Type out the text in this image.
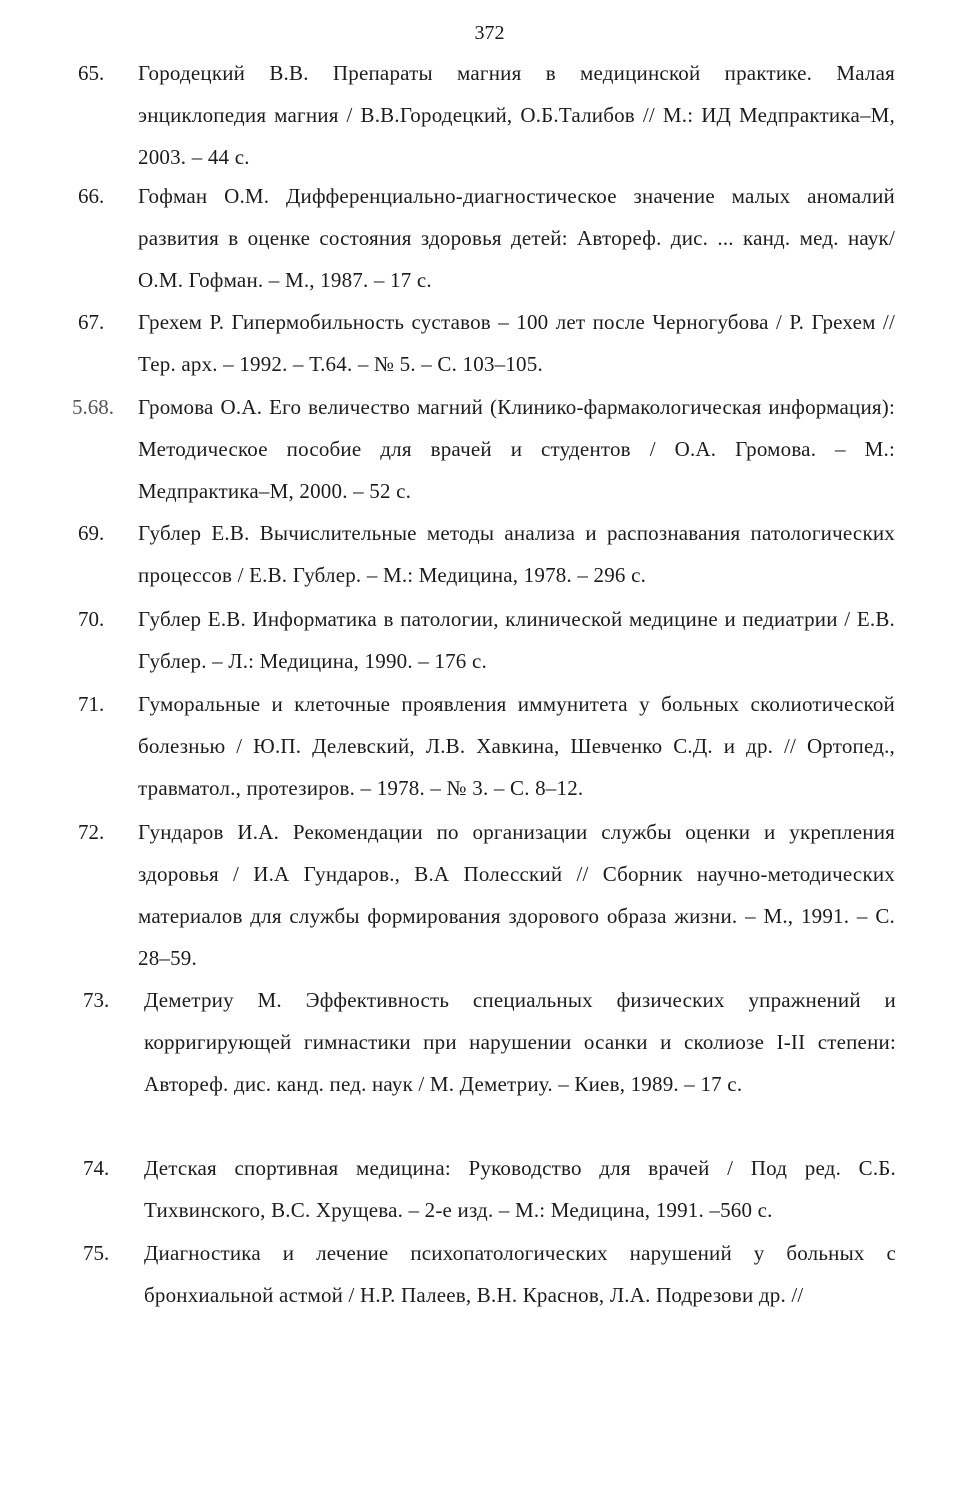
372
65. Городецкий В.В. Препараты магния в медицинской практике. Малая энциклопедия магния / В.В.Городецкий, О.Б.Талибов // М.: ИД Медпрактика–М, 2003. – 44 с.
66. Гофман О.М. Дифференциально-диагностическое значение малых аномалий развития в оценке состояния здоровья детей: Автореф. дис. ... канд. мед. наук/ О.М. Гофман. – М., 1987. – 17 с.
67. Грехем Р. Гипермобильность суставов – 100 лет после Черногубова / Р. Грехем // Тер. арх. – 1992. – Т.64. – № 5. – С. 103–105.
5.68. Громова О.А. Его величество магний (Клинико-фармакологическая информация): Методическое пособие для врачей и студентов / О.А. Громова. – М.: Медпрактика–М, 2000. – 52 с.
69. Гублер Е.В. Вычислительные методы анализа и распознавания патологических процессов / Е.В. Гублер. – М.: Медицина, 1978. – 296 с.
70. Гублер Е.В. Информатика в патологии, клинической медицине и педиатрии / Е.В. Гублер. – Л.: Медицина, 1990. – 176 с.
71. Гуморальные и клеточные проявления иммунитета у больных сколиотической болезнью / Ю.П. Делевский, Л.В. Хавкина, Шевченко С.Д. и др. // Ортопед., травматол., протезиров. – 1978. – № 3. – С. 8–12.
72. Гундаров И.А. Рекомендации по организации службы оценки и укрепления здоровья / И.А Гундаров., В.А Полесский // Сборник научно-методических материалов для службы формирования здорового образа жизни. – М., 1991. – С. 28–59.
73. Деметриу М. Эффективность специальных физических упражнений и корригирующей гимнастики при нарушении осанки и сколиозе I-II степени: Автореф. дис. канд. пед. наук / М. Деметриу. – Киев, 1989. – 17 с.
74. Детская спортивная медицина: Руководство для врачей / Под ред. С.Б. Тихвинского, В.С. Хрущева. – 2-е изд. – М.: Медицина, 1991. –560 с.
75. Диагностика и лечение психопатологических нарушений у больных с бронхиальной астмой / Н.Р. Палеев, В.Н. Краснов, Л.А. Подрезови др. //
